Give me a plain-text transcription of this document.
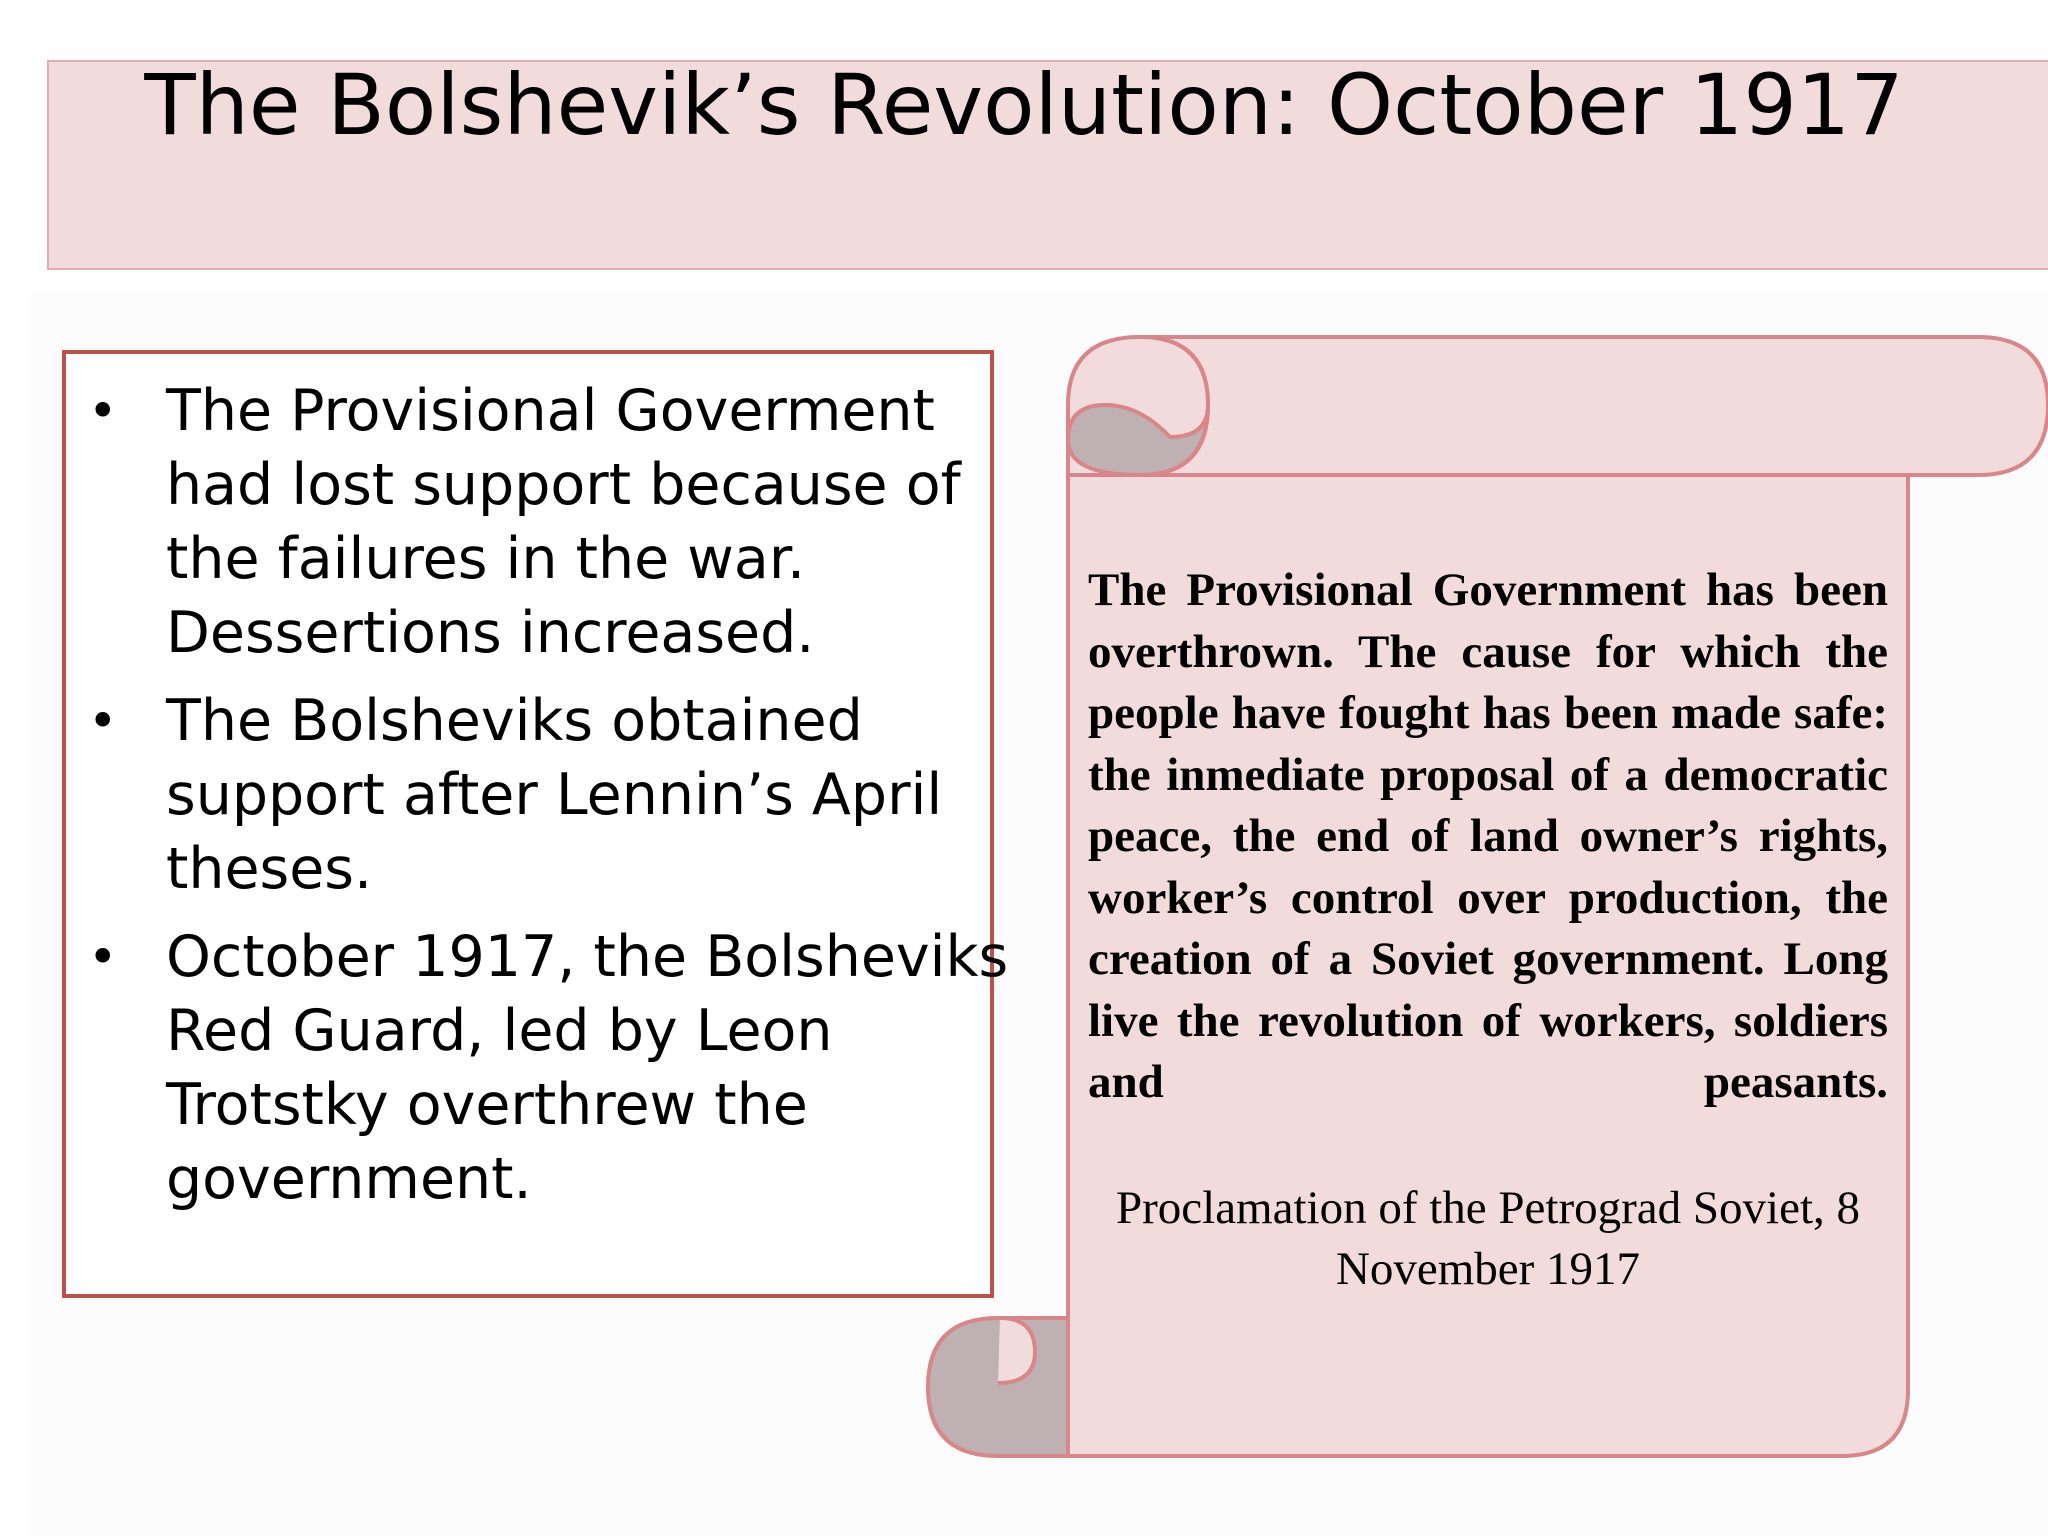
The Bolshevik’s Revolution: October 1917
• The Provisional Goverment had lost support because of the failures in the war. Dessertions increased.
• The Bolsheviks obtained support after Lennin’s April theses.
• October 1917, the Bolsheviks Red Guard, led by Leon Trotstky overthrew the government.
The Provisional Government has been overthrown. The cause for which the people have fought has been made safe: the inmediate proposal of a democratic peace, the end of land owner’s rights, worker’s control over production, the creation of a Soviet government. Long live the revolution of workers, soldiers and peasants.
Proclamation of the Petrograd Soviet, 8 November 1917
